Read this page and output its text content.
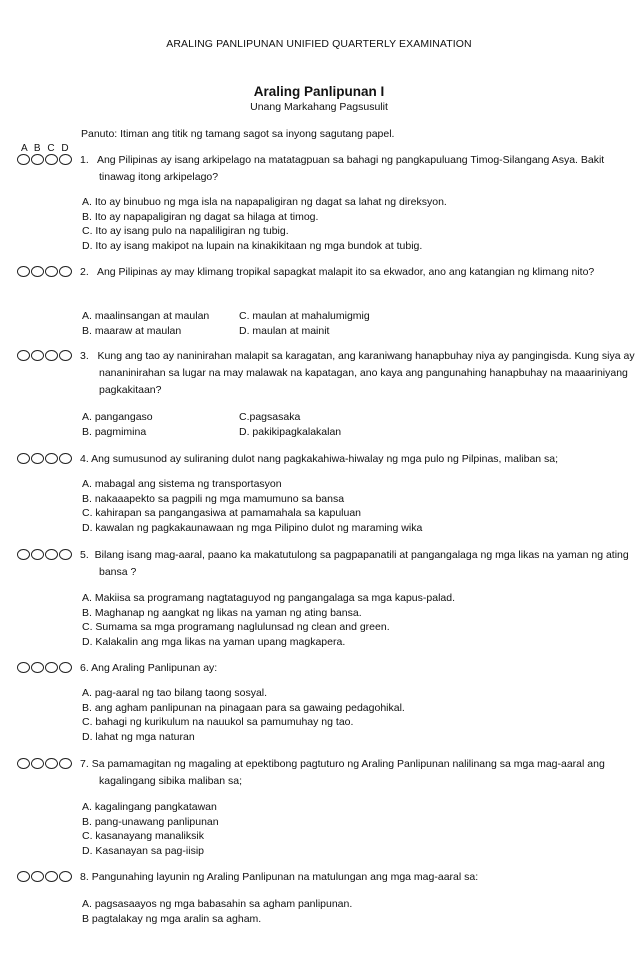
ARALING PANLIPUNAN UNIFIED QUARTERLY EXAMINATION
Araling Panlipunan I
Unang Markahang Pagsusulit
Panuto: Itiman ang titik ng tamang sagot sa inyong sagutang papel.
A B C D
1. Ang Pilipinas ay isang arkipelago na matatagpuan sa bahagi ng pangkapuluang Timog-Silangang Asya. Bakit tinawag itong arkipelago?
A. Ito ay binubuo ng mga isla na napapaligiran ng dagat sa lahat ng direksyon.
B. Ito ay napapaligiran ng dagat sa hilaga at timog.
C. Ito ay isang pulo na napaliligiran ng tubig.
D. Ito ay isang makipot na lupain na kinakikitaan ng mga bundok at tubig.
2. Ang Pilipinas ay may klimang tropikal sapagkat malapit ito sa ekwador, ano ang katangian ng klimang nito?
A. maalinsangan at maulan	C. maulan at mahalumigmig
B. maaraw at maulan	D. maulan at mainit
3. Kung ang tao ay naninirahan malapit sa karagatan, ang karaniwang hanapbuhay niya ay pangingisda. Kung siya ay nananinirahan sa lugar na may malawak na kapatagan, ano kaya ang pangunahing hanapbuhay na maaariniyang pagkakitaan?
A. pangangaso	C.pagsasaka
B. pagmimina	D. pakikipagkalakalan
4. Ang sumusunod ay suliraning dulot nang pagkakahiwa-hiwalay ng mga pulo ng Pilpinas, maliban sa;
A. mabagal ang sistema ng transportasyon
B. nakaaapekto sa pagpili ng mga mamumuno sa bansa
C. kahirapan sa pangangasiwa at pamamahala sa kapuluan
D. kawalan ng pagkakaunawaan ng mga Pilipino dulot ng maraming wika
5. Bilang isang mag-aaral, paano ka makatutulong sa pagpapanatili at pangangalaga ng mga likas na yaman ng ating bansa ?
A. Makiisa sa programang nagtataguyod ng pangangalaga sa mga kapus-palad.
B. Maghanap ng aangkat ng likas na yaman ng ating bansa.
C. Sumama sa mga programang naglulunsad ng clean and green.
D. Kalakalin ang mga likas na yaman upang magkapera.
6. Ang Araling Panlipunan ay:
A. pag-aaral ng tao bilang taong sosyal.
B. ang agham panlipunan na pinagaan para sa gawaing pedagohikal.
C. bahagi ng kurikulum na nauukol sa pamumuhay ng tao.
D. lahat ng mga naturan
7. Sa pamamagitan ng magaling at epektibong pagtuturo ng Araling Panlipunan nalilinang sa mga mag-aaral ang kagalingang sibika maliban sa;
A. kagalingang pangkatawan
B. pang-unawang panlipunan
C. kasanayang manaliksik
D. Kasanayan sa pag-iisip
8. Pangunahing layunin ng Araling Panlipunan na matulungan ang mga mag-aaral sa:
A. pagsasaayos ng mga babasahin sa agham panlipunan.
B pagtalakay ng mga aralin sa agham.
